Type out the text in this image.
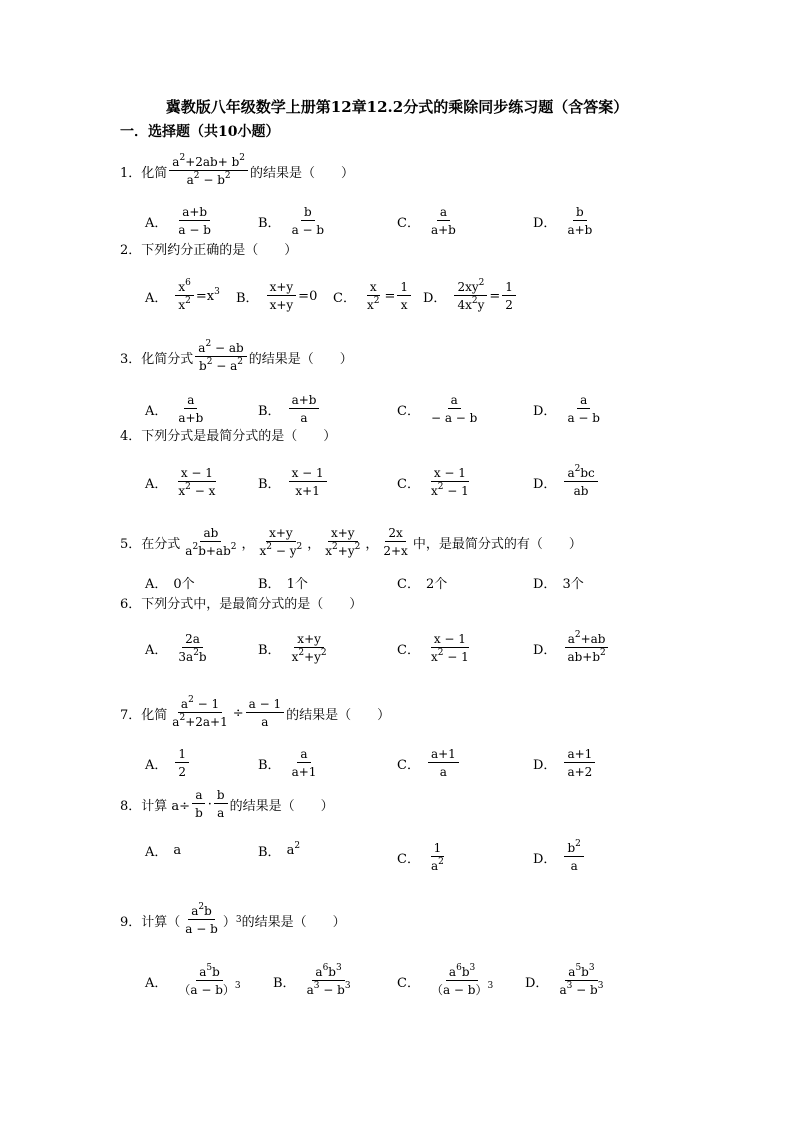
冀教版八年级数学上册第12章12.2分式的乘除同步练习题（含答案）
一．选择题（共10小题）
1． 化简 $\frac{a^2+2ab+ b^2}{a^2 - b^2}$ 的结果是（　　）
A． $\frac{a+b}{a - b}$	B． $\frac{b}{a - b}$	C． $\frac{a}{a+b}$	D． $\frac{b}{a+b}$
2． 下列约分正确的是（　　）
A． $\frac{x^6}{x^2} =x^3$ B． $\frac{x+y}{x+y} =0$ C． $\frac{x}{x^2} = \frac{1}{x}$ D． $\frac{2xy^2}{4x^2y} = \frac{1}{2}$
3． 化简分式 $\frac{a^2 - ab}{b^2 - a^2}$ 的结果是（　　）
A． $\frac{a}{a+b}$	B． $\frac{a+b}{a}$	C． $\frac{a}{- a - b}$	D． $\frac{a}{a - b}$
4． 下列分式是最简分式的是（　　）
A． $\frac{x - 1}{x^2 - x}$	B． $\frac{x - 1}{x+1}$	C． $\frac{x - 1}{x^2 - 1}$	D． $\frac{a^2bc}{ab}$
5． 在分式 $\frac{ab}{a^2b+ab^2}$ ， $\frac{x+y}{x^2 - y^2}$ ， $\frac{x+y}{x^2+y^2}$ ， $\frac{2x}{2+x}$ 中，是最简分式的有（　　）
A． 0个	B． 1个	C． 2个	D． 3个
6． 下列分式中，是最简分式的是（　　）
A． $\frac{2a}{3a^2b}$	B． $\frac{x+y}{x^2+y^2}$	C． $\frac{x - 1}{x^2 - 1}$	D． $\frac{a^2+ab}{ab+b^2}$
7． 化简 $\frac{a^2 - 1}{a^2+2a+1} \div \frac{a - 1}{a}$ 的结果是（　　）
A． $\frac{1}{2}$	B． $\frac{a}{a+1}$	C． $\frac{a+1}{a}$	D． $\frac{a+1}{a+2}$
8． 计算 $a\div \frac{a}{b} \cdot \frac{b}{a}$ 的结果是（　　）
A． a	B． $a^2$
C． $\frac{1}{a^2}$	D． $\frac{b^2}{a}$
9． 计算（ $\frac{a^2b}{a - b}$ ） 3 的结果是（　　）
A． $\frac{a^5b}{(a - b)^3}$ B． $\frac{a^6b^3}{a^3 - b^3}$	C． $\frac{a^6b^3}{(a - b)^3}$ D． $\frac{a^5b^3}{a^3 - b^3}$
